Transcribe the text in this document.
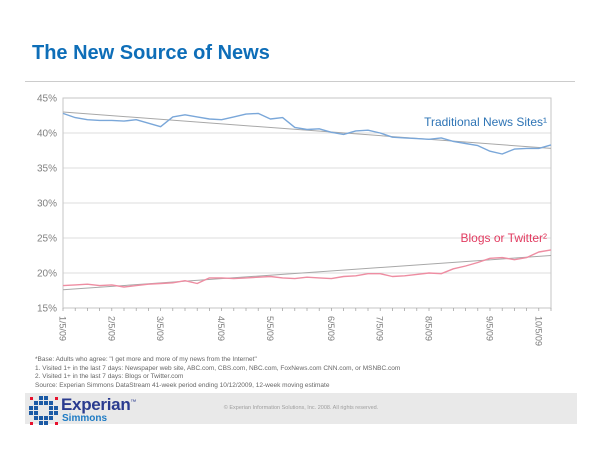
The New Source of News
45%
40%
35%
30%
25%
20%
15%
1/5/09	2/5/09	3/5/09	4/5/09	5/5/09	6/5/09	7/5/09	8/5/09	9/5/09	10/5/09
Traditional News Sites¹
Blogs or Twitter²
*Base: Adults who agree: "I get more and more of my news from the Internet"
1. Visited 1+ in the last 7 days: Newspaper web site, ABC.com, CBS.com, NBC.com, FoxNews.com CNN.com, or MSNBC.com
2. Visited 1+ in the last 7 days: Blogs or Twitter.com
Source: Experian Simmons DataStream 41-week period ending 10/12/2009, 12-week moving estimate
Experian™
Simmons
© Experian Information Solutions, Inc. 2008. All rights reserved.
